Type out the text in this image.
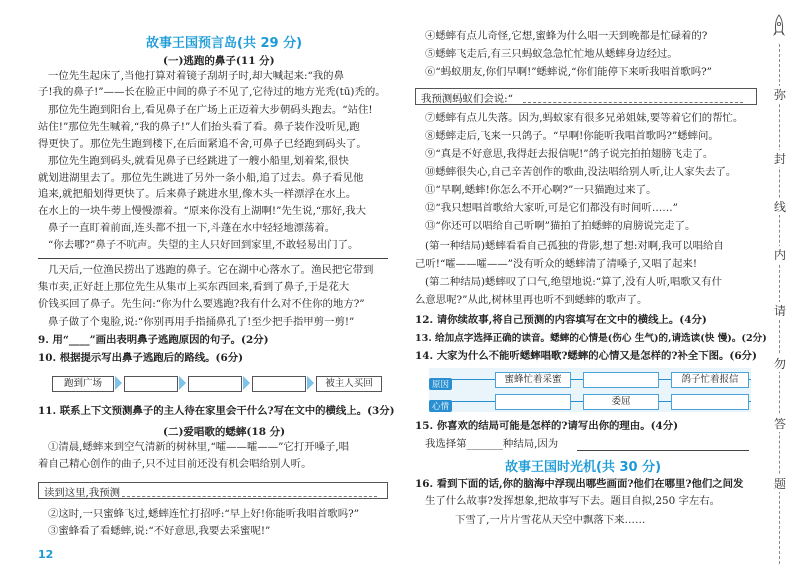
故事王国预言岛(共 29 分)
(一)逃跑的鼻子(11 分)
一位先生起床了,当他打算对着镜子刮胡子时,却大喊起来:“我的鼻
子!我的鼻子!”——长在脸正中间的鼻子不见了,它待过的地方光秃(tū)秃的。
那位先生跑到阳台上,看见鼻子在广场上正迈着大步朝码头跑去。“站住!
站住!”那位先生喊着,“我的鼻子!”人们抬头看了看。鼻子装作没听见,跑
得更快了。那位先生跑到楼下,在后面紧追不舍,可鼻子已经跑到码头了。
那位先生跑到码头,就看见鼻子已经跳进了一艘小船里,划着桨,很快
就划进湖里去了。那位先生跳进了另外一条小船,追了过去。鼻子看见他
追来,就把船划得更快了。后来鼻子跳进水里,像木头一样漂浮在水上。
在水上的一块牛蒡上慢慢漂着。“原来你没有上湖啊!”先生说,“那好,我大
鼻子一直盯着前面,连头都不扭一下,斗蓬在水中轻轻地漂荡着。
“你去哪?”鼻子不吭声。失望的主人只好回到家里,不敢轻易出门了。
几天后,一位渔民捞出了逃跑的鼻子。它在湖中心落水了。渔民把它带到
集市卖,正好赶上那位先生从集市上买东西回来,看到了鼻子,于是花大
价钱买回了鼻子。先生问:“你为什么要逃跑?我有什么对不住你的地方?”
鼻子做了个鬼脸,说:“你别再用手指捅鼻孔了!至少把手指甲剪一剪!”
9. 用“____”画出表明鼻子逃跑原因的句子。(2分)
10. 根据提示写出鼻子逃跑后的路线。(6分)
跑到广场	被主人买回
11. 联系上下文预测鼻子的主人待在家里会干什么?写在文中的横线上。(3分)
(二)爱唱歌的蟋蟀(18 分)
①清晨,蟋蟀来到空气清新的树林里,“嚯——嚯——”它打开嗓子,唱
着自己精心创作的曲子,只不过目前还没有机会唱给别人听。
读到这里,我预测
②这时,一只蜜蜂飞过,蟋蟀连忙打招呼:“早上好!你能听我唱首歌吗?”
③蜜蜂看了看蟋蟀,说:“不好意思,我要去采蜜呢!”
12
④蟋蟀有点儿奇怪,它想,蜜蜂为什么唱一天到晚都是忙碌着的?
⑤蟋蟀飞走后,有三只蚂蚁急急忙忙地从蟋蟀身边经过。
⑥“蚂蚁朋友,你们早啊!”蟋蟀说,“你们能停下来听我唱首歌吗?”
我预测蚂蚁们会说:“
⑦蟋蟀有点儿失落。因为,蚂蚁家有很多兄弟姐妹,要等着它们的帮忙。
⑧蟋蟀走后,飞来一只鸽子。“早啊!你能听我唱首歌吗?”蟋蟀问。
⑨“真是不好意思,我得赶去报信呢!”鸽子说完拍拍翅膀飞走了。
⑩蟋蟀很失心,自己辛苦创作的歌曲,没法唱给别人听,让人家失去了。
⑪“早啊,蟋蟀!你怎么不开心啊?”一只猫跑过来了。
⑫“我只想唱首歌给大家听,可是它们都没有时间听……”
⑬“你还可以唱给自己听啊”猫拍了拍蟋蟀的肩膀说完走了。
(第一种结局)蟋蟀看看自己孤独的背影,想了想:对啊,我可以唱给自
己听!“嚯——嚯——”没有听众的蟋蟀清了清嗓子,又唱了起来!
(第二种结局)蟋蟀叹了口气,绝望地说:“算了,没有人听,唱歌又有什
么意思呢?”从此,树林里再也听不到蟋蟀的歌声了。
12. 请你续故事,将自己预测的内容填写在文中的横线上。(4分)
13. 给加点字选择正确的读音。蟋蟀的心情是(伤心 生气)的,请选读(快 慢)。(2分)
14. 大家为什么不能听蟋蟀唱歌?蟋蟀的心情又是怎样的?补全下图。(6分)
原因
心情
蜜蜂忙着采蜜	鸽子忙着报信
委屈
15. 你喜欢的结局可能是怎样的?请写出你的理由。(4分)
我选择第_______种结局,因为
故事王国时光机(共 30 分)
16. 看到下面的话,你的脑海中浮现出哪些画面?他们在哪里?他们之间发
生了什么故事?发挥想象,把故事写下去。题目自拟,250 字左右。
下雪了,一片片雪花从天空中飘落下来……
弥
封
线
内
请
勿
答
题
